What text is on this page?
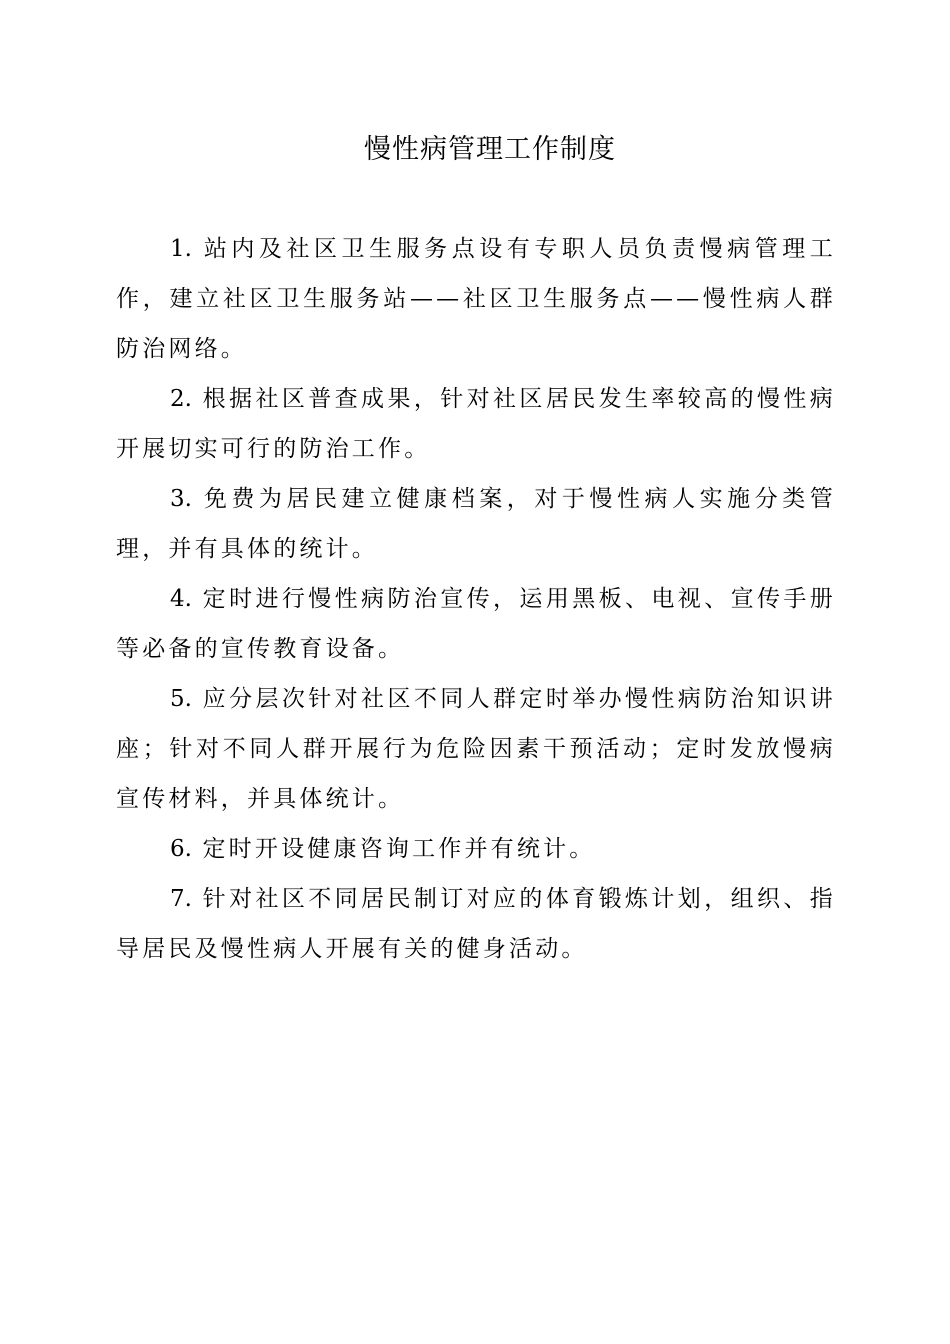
慢性病管理工作制度

1. 站内及社区卫生服务点设有专职人员负责慢病管理工作，建立社区卫生服务站——社区卫生服务点——慢性病人群防治网络。

2. 根据社区普查成果，针对社区居民发生率较高的慢性病开展切实可行的防治工作。

3. 免费为居民建立健康档案，对于慢性病人实施分类管理，并有具体的统计。

4. 定时进行慢性病防治宣传，运用黑板、电视、宣传手册等必备的宣传教育设备。

5. 应分层次针对社区不同人群定时举办慢性病防治知识讲座；针对不同人群开展行为危险因素干预活动；定时发放慢病宣传材料，并具体统计。

6. 定时开设健康咨询工作并有统计。

7. 针对社区不同居民制订对应的体育锻炼计划，组织、指导居民及慢性病人开展有关的健身活动。
